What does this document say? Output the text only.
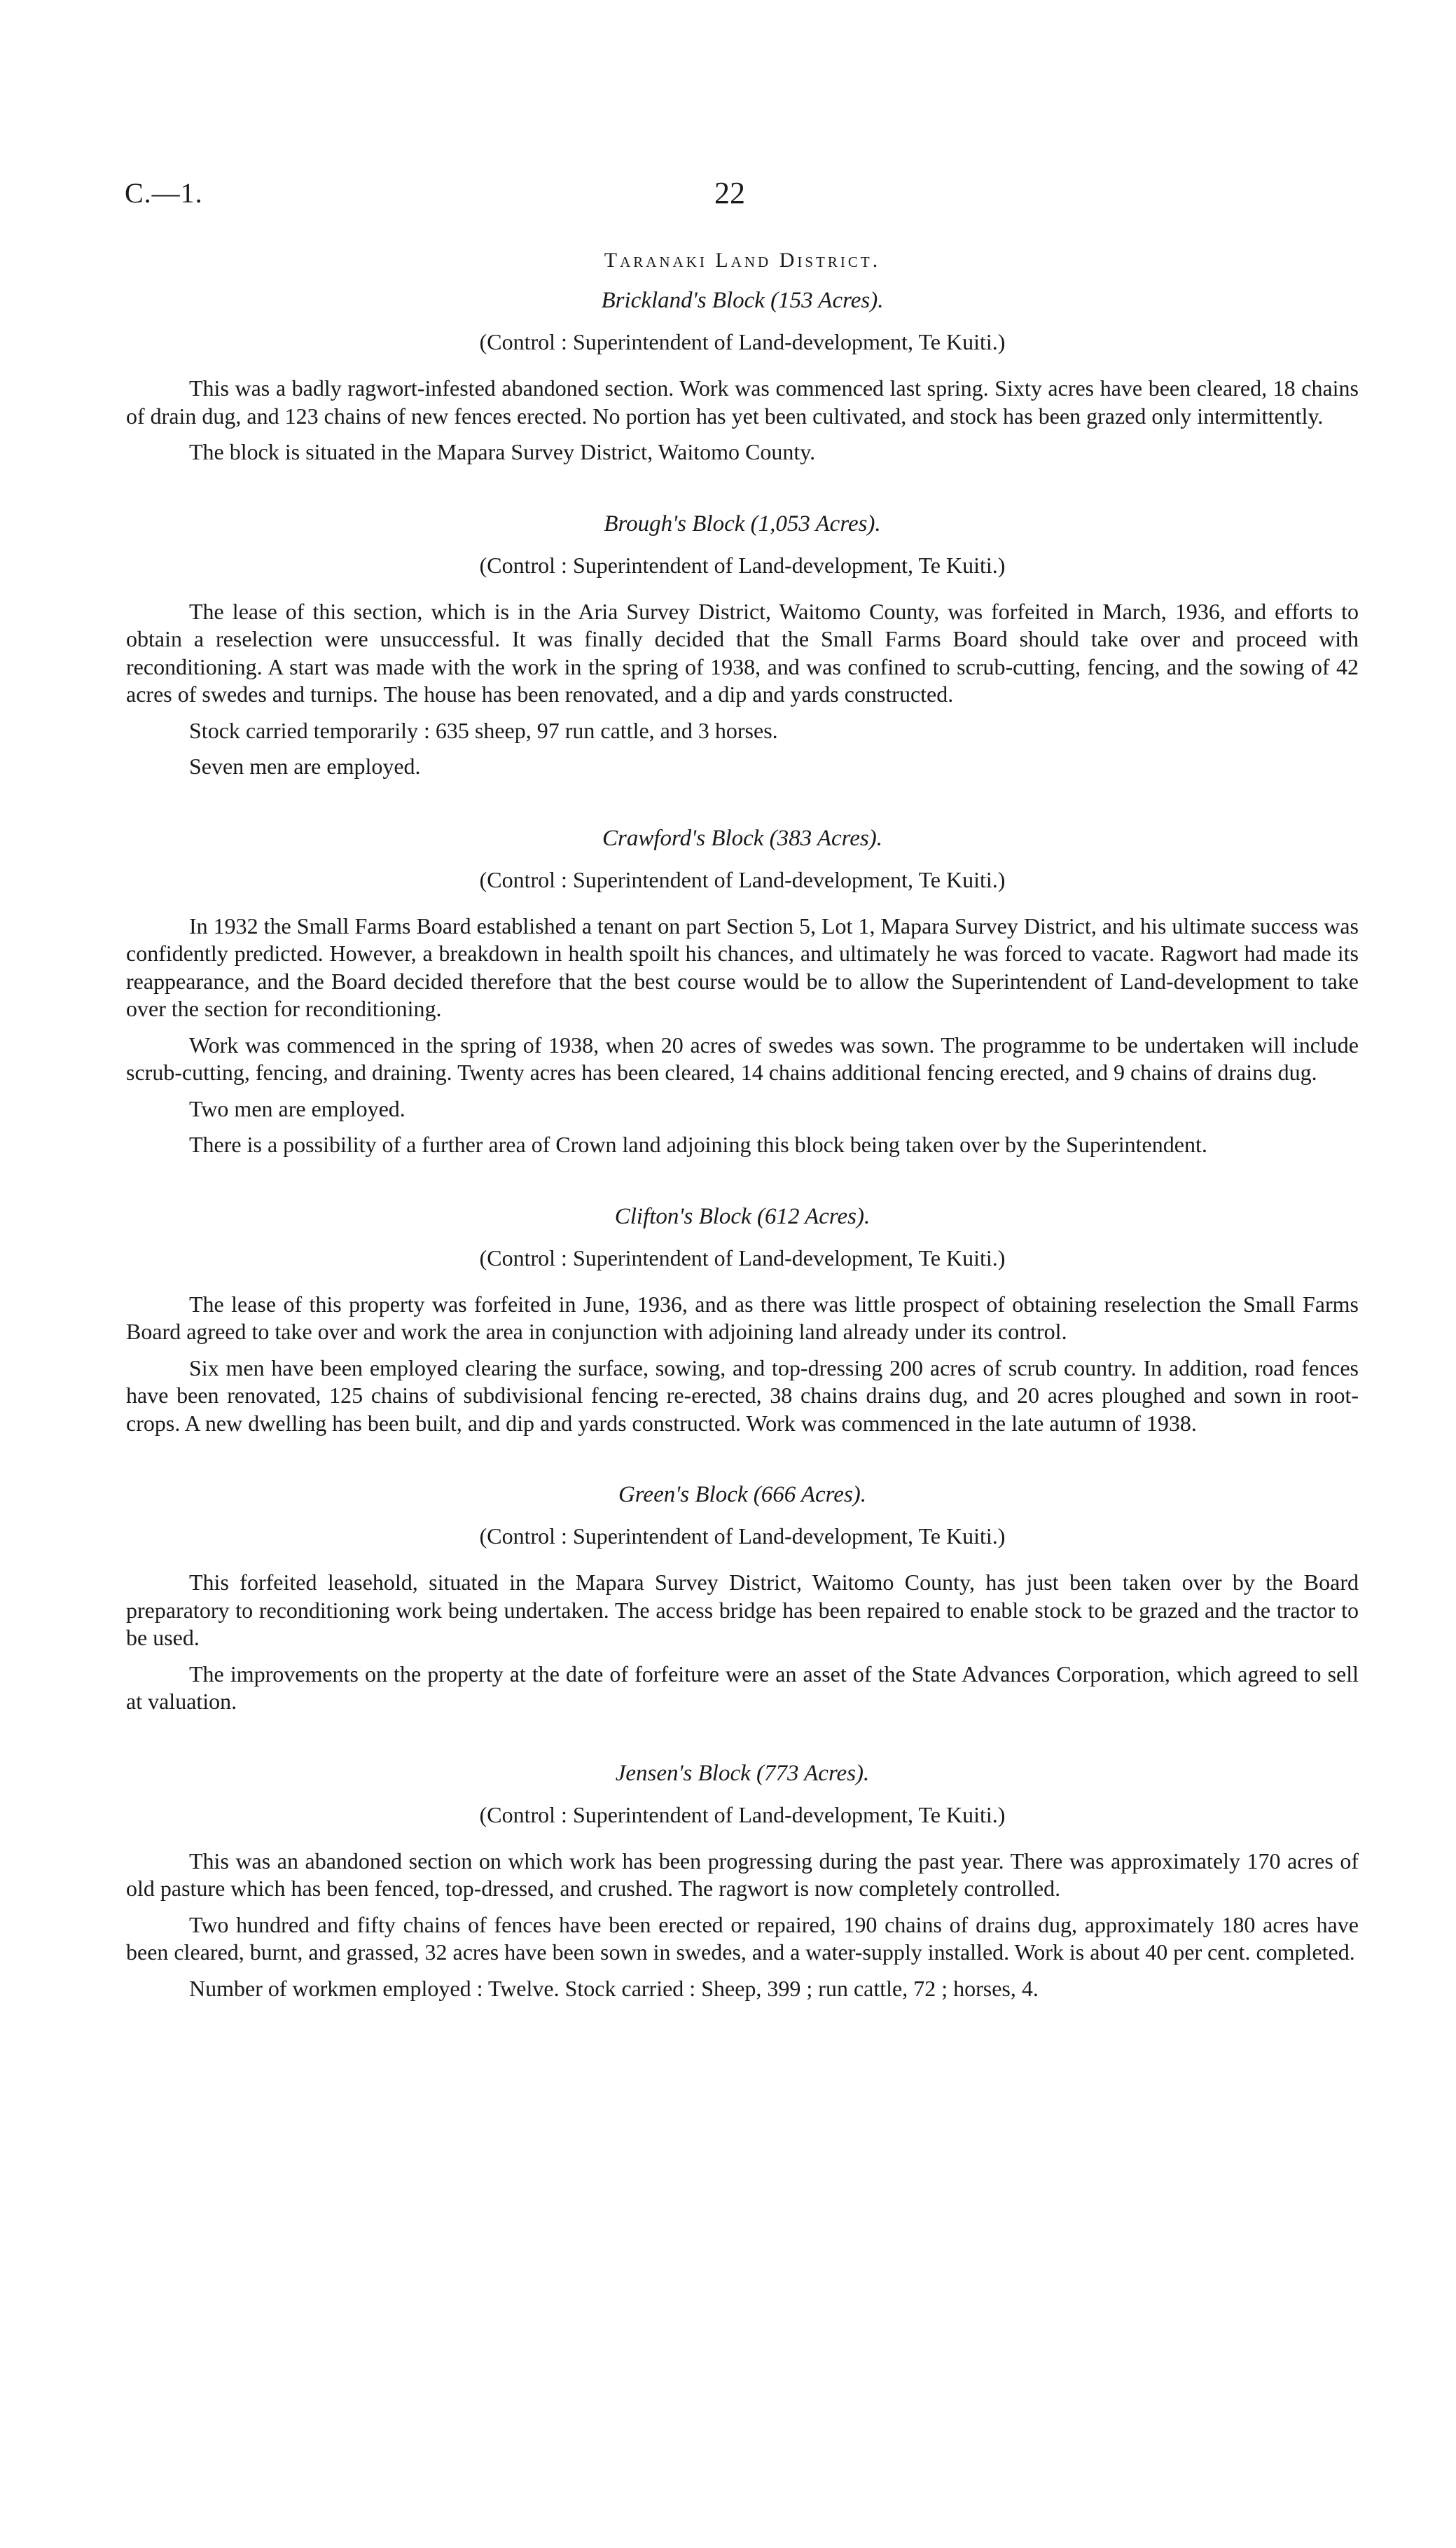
C.—1.	22
Taranaki Land District.
Brickland's Block (153 Acres).
(Control : Superintendent of Land-development, Te Kuiti.)

This was a badly ragwort-infested abandoned section. Work was commenced last spring. Sixty acres have been cleared, 18 chains of drain dug, and 123 chains of new fences erected. No portion has yet been cultivated, and stock has been grazed only intermittently.

The block is situated in the Mapara Survey District, Waitomo County.

Brough's Block (1,053 Acres).
(Control : Superintendent of Land-development, Te Kuiti.)

The lease of this section, which is in the Aria Survey District, Waitomo County, was forfeited in March, 1936, and efforts to obtain a reselection were unsuccessful. It was finally decided that the Small Farms Board should take over and proceed with reconditioning. A start was made with the work in the spring of 1938, and was confined to scrub-cutting, fencing, and the sowing of 42 acres of swedes and turnips. The house has been renovated, and a dip and yards constructed.

Stock carried temporarily : 635 sheep, 97 run cattle, and 3 horses.

Seven men are employed.

Crawford's Block (383 Acres).
(Control : Superintendent of Land-development, Te Kuiti.)

In 1932 the Small Farms Board established a tenant on part Section 5, Lot 1, Mapara Survey District, and his ultimate success was confidently predicted. However, a breakdown in health spoilt his chances, and ultimately he was forced to vacate. Ragwort had made its reappearance, and the Board decided therefore that the best course would be to allow the Superintendent of Land-development to take over the section for reconditioning.

Work was commenced in the spring of 1938, when 20 acres of swedes was sown. The programme to be undertaken will include scrub-cutting, fencing, and draining. Twenty acres has been cleared, 14 chains additional fencing erected, and 9 chains of drains dug.

Two men are employed.

There is a possibility of a further area of Crown land adjoining this block being taken over by the Superintendent.

Clifton's Block (612 Acres).
(Control : Superintendent of Land-development, Te Kuiti.)

The lease of this property was forfeited in June, 1936, and as there was little prospect of obtaining reselection the Small Farms Board agreed to take over and work the area in conjunction with adjoining land already under its control.

Six men have been employed clearing the surface, sowing, and top-dressing 200 acres of scrub country. In addition, road fences have been renovated, 125 chains of subdivisional fencing re-erected, 38 chains drains dug, and 20 acres ploughed and sown in root-crops. A new dwelling has been built, and dip and yards constructed. Work was commenced in the late autumn of 1938.

Green's Block (666 Acres).
(Control : Superintendent of Land-development, Te Kuiti.)

This forfeited leasehold, situated in the Mapara Survey District, Waitomo County, has just been taken over by the Board preparatory to reconditioning work being undertaken. The access bridge has been repaired to enable stock to be grazed and the tractor to be used.

The improvements on the property at the date of forfeiture were an asset of the State Advances Corporation, which agreed to sell at valuation.

Jensen's Block (773 Acres).
(Control : Superintendent of Land-development, Te Kuiti.)

This was an abandoned section on which work has been progressing during the past year. There was approximately 170 acres of old pasture which has been fenced, top-dressed, and crushed. The ragwort is now completely controlled.

Two hundred and fifty chains of fences have been erected or repaired, 190 chains of drains dug, approximately 180 acres have been cleared, burnt, and grassed, 32 acres have been sown in swedes, and a water-supply installed. Work is about 40 per cent. completed.

Number of workmen employed : Twelve. Stock carried : Sheep, 399 ; run cattle, 72 ; horses, 4.
